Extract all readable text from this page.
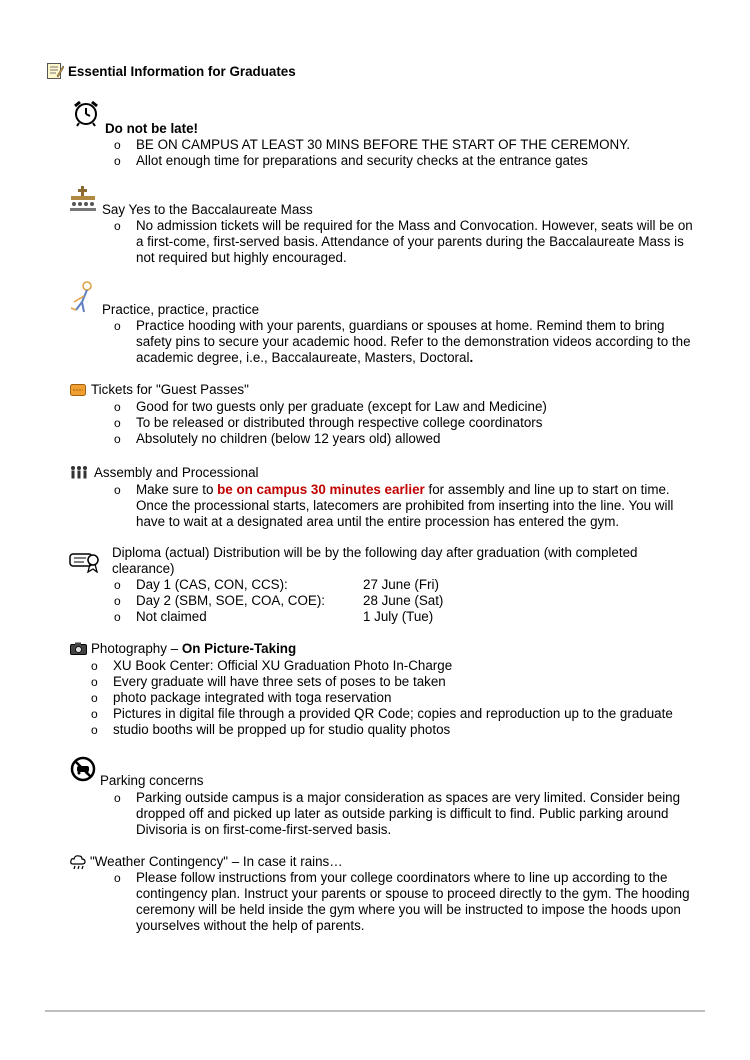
Essential Information for Graduates
Do not be late!
o BE ON CAMPUS AT LEAST 30 MINS BEFORE THE START OF THE CEREMONY.
o Allot enough time for preparations and security checks at the entrance gates
Say Yes to the Baccalaureate Mass
o No admission tickets will be required for the Mass and Convocation. However, seats will be on a first-come, first-served basis. Attendance of your parents during the Baccalaureate Mass is not required but highly encouraged.
Practice, practice, practice
o Practice hooding with your parents, guardians or spouses at home. Remind them to bring safety pins to secure your academic hood. Refer to the demonstration videos according to the academic degree, i.e., Baccalaureate, Masters, Doctoral.
Tickets for "Guest Passes"
o Good for two guests only per graduate (except for Law and Medicine)
o To be released or distributed through respective college coordinators
o Absolutely no children (below 12 years old) allowed
Assembly and Processional
o Make sure to be on campus 30 minutes earlier for assembly and line up to start on time. Once the processional starts, latecomers are prohibited from inserting into the line. You will have to wait at a designated area until the entire procession has entered the gym.
Diploma (actual) Distribution will be by the following day after graduation (with completed clearance)
o Day 1 (CAS, CON, CCS):	27 June (Fri)
o Day 2 (SBM, SOE, COA, COE):	28 June (Sat)
o Not claimed	1 July (Tue)
Photography – On Picture-Taking
o XU Book Center: Official XU Graduation Photo In-Charge
o Every graduate will have three sets of poses to be taken
o photo package integrated with toga reservation
o Pictures in digital file through a provided QR Code; copies and reproduction up to the graduate
o studio booths will be propped up for studio quality photos
Parking concerns
o Parking outside campus is a major consideration as spaces are very limited. Consider being dropped off and picked up later as outside parking is difficult to find. Public parking around Divisoria is on first-come-first-served basis.
"Weather Contingency" – In case it rains…
o Please follow instructions from your college coordinators where to line up according to the contingency plan. Instruct your parents or spouse to proceed directly to the gym. The hooding ceremony will be held inside the gym where you will be instructed to impose the hoods upon yourselves without the help of parents.
